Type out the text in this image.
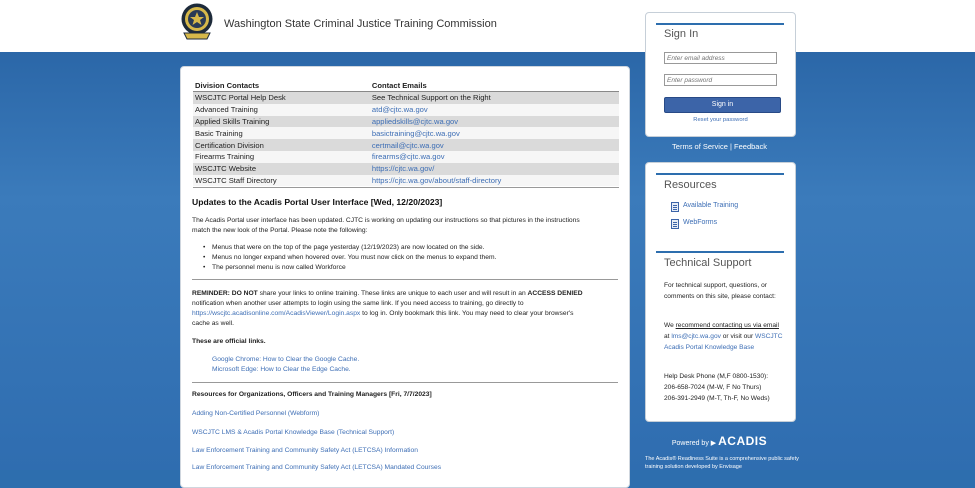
Washington State Criminal Justice Training Commission
Division Contacts	Contact Emails
WSCJTC Portal Help Desk	See Technical Support on the Right
Advanced Training	atd@cjtc.wa.gov
Applied Skills Training	appliedskills@cjtc.wa.gov
Basic Training	basictraining@cjtc.wa.gov
Certification Division	certmail@cjtc.wa.gov
Firearms Training	firearms@cjtc.wa.gov
WSCJTC Website	https://cjtc.wa.gov/
WSCJTC Staff Directory	https://cjtc.wa.gov/about/staff-directory
Updates to the Acadis Portal User Interface [Wed, 12/20/2023]
The Acadis Portal user interface has been updated. CJTC is working on updating our instructions so that pictures in the instructions
match the new look of the Portal. Please note the following:
• Menus that were on the top of the page yesterday (12/19/2023) are now located on the side.
• Menus no longer expand when hovered over. You must now click on the menus to expand them.
• The personnel menu is now called Workforce
REMINDER: DO NOT share your links to online training. These links are unique to each user and will result in an ACCESS DENIED
notification when another user attempts to login using the same link. If you need access to training, go directly to
https://wscjtc.acadisonline.com/AcadisViewer/Login.aspx to log in. Only bookmark this link. You may need to clear your browser's
cache as well.
These are official links.
Google Chrome: How to Clear the Google Cache.
Microsoft Edge: How to Clear the Edge Cache.
Resources for Organizations, Officers and Training Managers [Fri, 7/7/2023]
Adding Non-Certified Personnel (Webform)
WSCJTC LMS & Acadis Portal Knowledge Base (Technical Support)
Law Enforcement Training and Community Safety Act (LETCSA) Information
Law Enforcement Training and Community Safety Act (LETCSA) Mandated Courses
Sign In
Enter email address
Sign in
Reset your password
Terms of Service | Feedback
Resources
Available Training
WebForms
Technical Support
For technical support, questions, or comments on this site, please contact:
We recommend contacting us via email at lms@cjtc.wa.gov or visit our WSCJTC Acadis Portal Knowledge Base
Help Desk Phone (M,F 0800-1530):
206-658-7024 (M-W, F No Thurs)
206-391-2949 (M-T, Th-F, No Weds)
Powered by ▶ ACADIS
The Acadis® Readiness Suite is a comprehensive public safety training solution developed by Envisage
